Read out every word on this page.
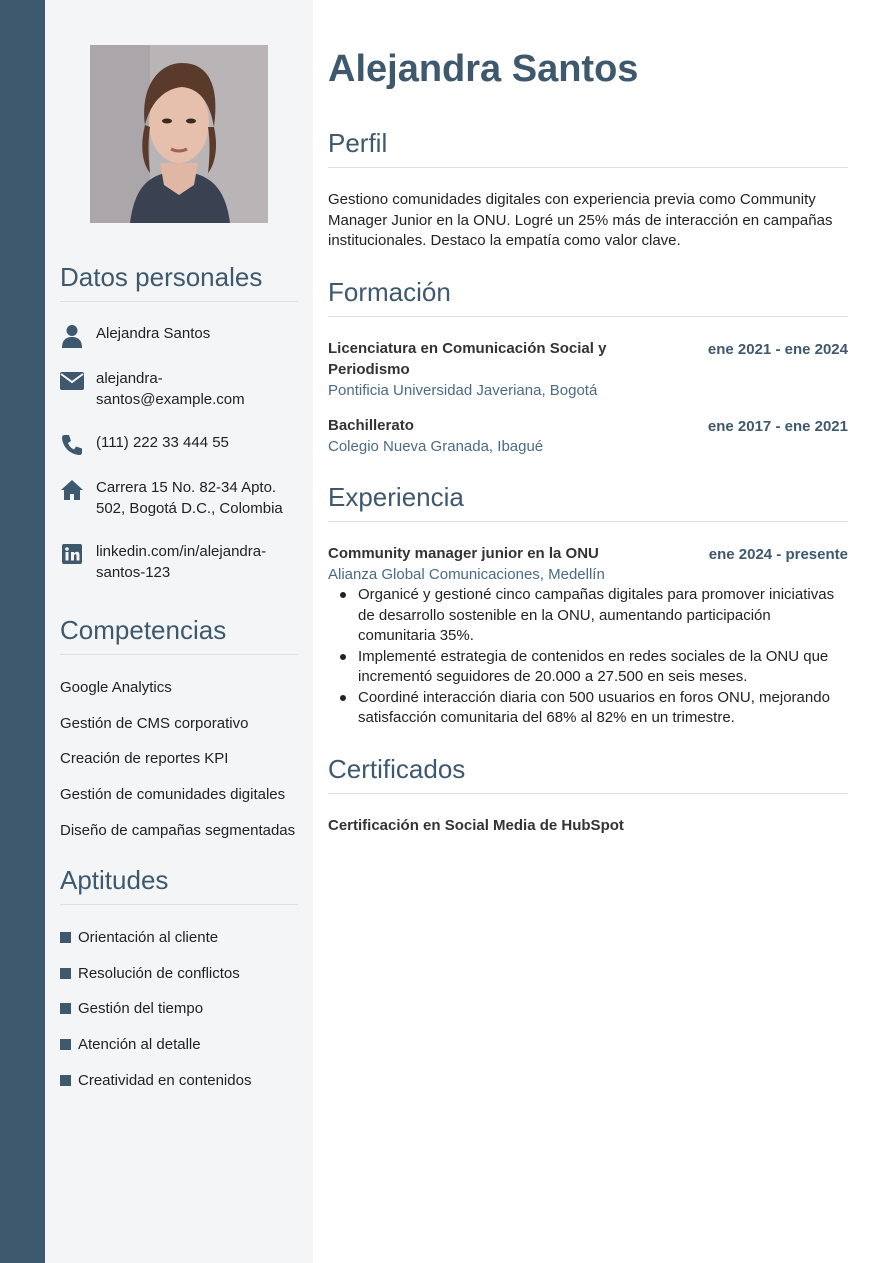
Datos personales
Alejandra Santos
alejandra-santos@example.com
(111) 222 33 444 55
Carrera 15 No. 82-34 Apto. 502, Bogotá D.C., Colombia
linkedin.com/in/alejandra-santos-123
Competencias
Google Analytics
Gestión de CMS corporativo
Creación de reportes KPI
Gestión de comunidades digitales
Diseño de campañas segmentadas
Aptitudes
Orientación al cliente
Resolución de conflictos
Gestión del tiempo
Atención al detalle
Creatividad en contenidos
Alejandra Santos
Perfil

Gestiono comunidades digitales con experiencia previa como Community Manager Junior en la ONU. Logré un 25% más de interacción en campañas institucionales. Destaco la empatía como valor clave.

Formación
Licenciatura en Comunicación Social y Periodismo
ene 2021 - ene 2024
Pontificia Universidad Javeriana, Bogotá
Bachillerato	ene 2017 - ene 2021
Colegio Nueva Granada, Ibagué
Experiencia
Community manager junior en la ONU	ene 2024 - presente
Alianza Global Comunicaciones, Medellín
Organicé y gestioné cinco campañas digitales para promover iniciativas de desarrollo sostenible en la ONU, aumentando participación comunitaria 35%.
Implementé estrategia de contenidos en redes sociales de la ONU que incrementó seguidores de 20.000 a 27.500 en seis meses.
Coordiné interacción diaria con 500 usuarios en foros ONU, mejorando satisfacción comunitaria del 68% al 82% en un trimestre.
Certificados
Certificación en Social Media de HubSpot
